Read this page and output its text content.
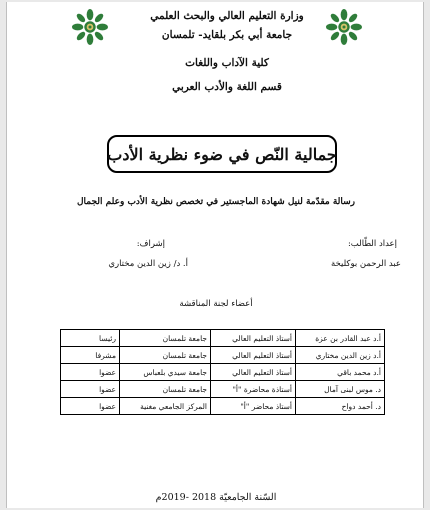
وزارة التعليم العالي والبحث العلمي
جامعة أبي بكر بلقايد- تلمسان
كلية الآداب واللغات
قسم اللغة والأدب العربي
جمالية النّص في ضوء نظرية الأدب
رسالة مقدّمة لنيل شهادة الماجستير في تخصص نظرية الأدب وعلم الجمال
إعداد الطّالب:
عبد الرحمن بوكليخة
إشراف:
أ. د/ زين الدين مختاري
أعضاء لجنة المناقشة
أ.د عبد القادر بن عزة	أستاذ التعليم العالي	جامعة تلمسان	رئيسا
أ.د زين الدين مختاري	أستاذ التعليم العالي	جامعة تلمسان	مشرفا
أ.د محمد باقي	أستاذ التعليم العالي	جامعة سيدي بلعباس	عضوا
د. موس لبنى آمال	أستاذة محاضرة "أ"	جامعة تلمسان	عضوا
د. أحمد دواح	أستاذ محاضر "أ"	المركز الجامعي مغنية	عضوا
السّنة الجامعيّة 2018 -2019م
